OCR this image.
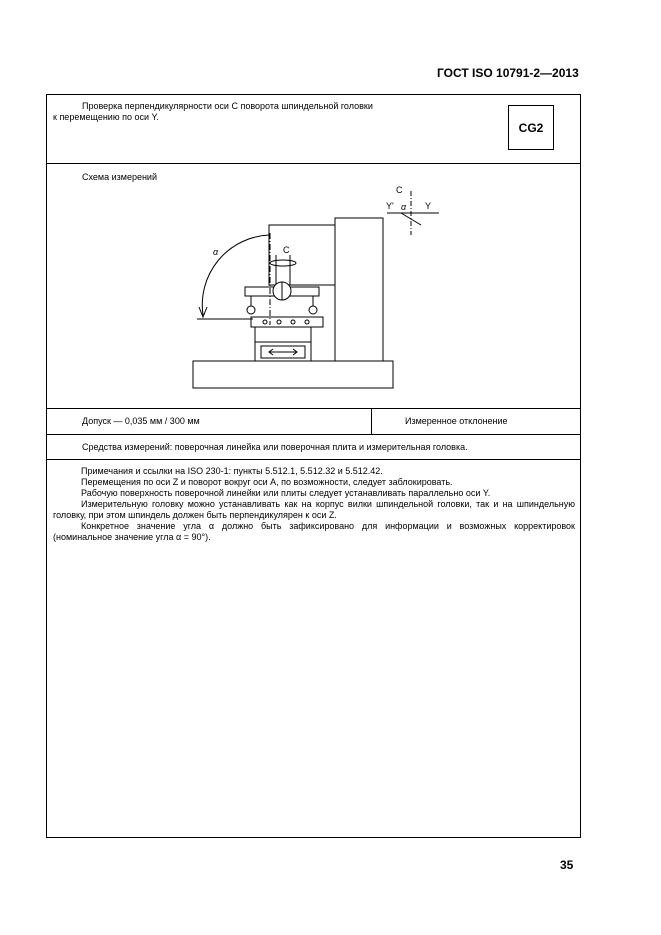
ГОСТ ISO 10791-2—2013
Проверка перпендикулярности оси С поворота шпиндельной головки
к перемещению по оси Y.
CG2
Схема измерений
C
Y'	Y
α
α	C
Допуск — 0,035 мм / 300 мм	Измеренное отклонение
Средства измерений: поверочная линейка или поверочная плита и измерительная головка.

Примечания и ссылки на ISO 230-1: пункты 5.512.1, 5.512.32 и 5.512.42.

Перемещения по оси Z и поворот вокруг оси А, по возможности, следует заблокировать.

Рабочую поверхность поверочной линейки или плиты следует устанавливать параллельно оси Y.

Измерительную головку можно устанавливать как на корпус вилки шпиндельной головки, так и на шпиндельную головку, при этом шпиндель должен быть перпендикулярен к оси Z.

Конкретное значение угла α должно быть зафиксировано для информации и возможных корректировок (номинальное значение угла α = 90°).

35
